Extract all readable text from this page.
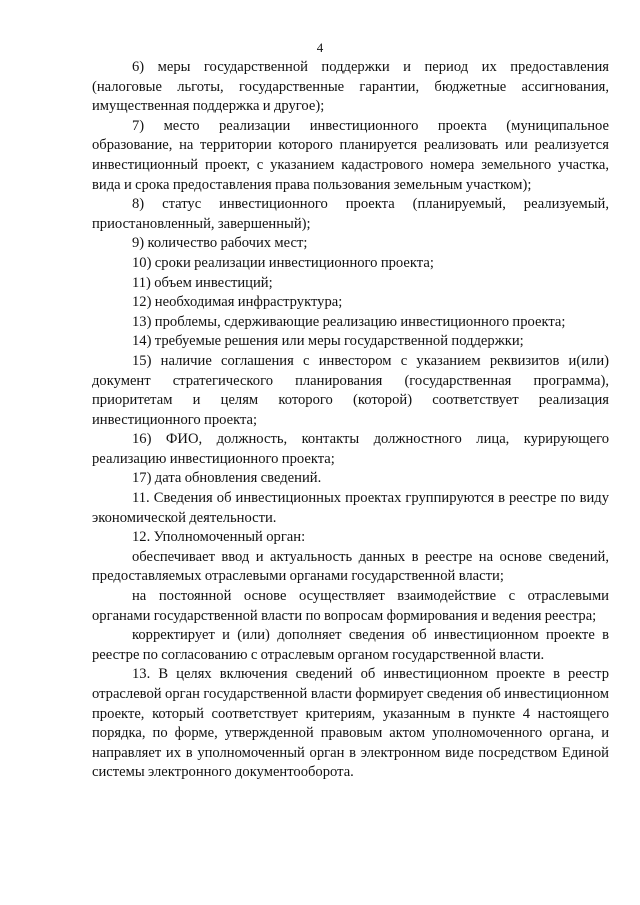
4

6) меры государственной поддержки и период их предоставления (налоговые льготы, государственные гарантии, бюджетные ассигнования, имущественная поддержка и другое);

7) место реализации инвестиционного проекта (муниципальное образование, на территории которого планируется реализовать или реализуется инвестиционный проект, с указанием кадастрового номера земельного участка, вида и срока предоставления права пользования земельным участком);

8) статус инвестиционного проекта (планируемый, реализуемый, приостановленный, завершенный);

9) количество рабочих мест;

10) сроки реализации инвестиционного проекта;

11) объем инвестиций;

12) необходимая инфраструктура;

13) проблемы, сдерживающие реализацию инвестиционного проекта;

14) требуемые решения или меры государственной поддержки;

15) наличие соглашения с инвестором с указанием реквизитов и(или) документ стратегического планирования (государственная программа), приоритетам и целям которого (которой) соответствует реализация инвестиционного проекта;

16) ФИО, должность, контакты должностного лица, курирующего реализацию инвестиционного проекта;

17) дата обновления сведений.

11. Сведения об инвестиционных проектах группируются в реестре по виду экономической деятельности.

12. Уполномоченный орган:

обеспечивает ввод и актуальность данных в реестре на основе сведений, предоставляемых отраслевыми органами государственной власти;

на постоянной основе осуществляет взаимодействие с отраслевыми органами государственной власти по вопросам формирования и ведения реестра;

корректирует и (или) дополняет сведения об инвестиционном проекте в реестре по согласованию с отраслевым органом государственной власти.

13. В целях включения сведений об инвестиционном проекте в реестр отраслевой орган государственной власти формирует сведения об инвестиционном проекте, который соответствует критериям, указанным в пункте 4 настоящего порядка, по форме, утвержденной правовым актом уполномоченного органа, и направляет их в уполномоченный орган в электронном виде посредством Единой системы электронного документооборота.
